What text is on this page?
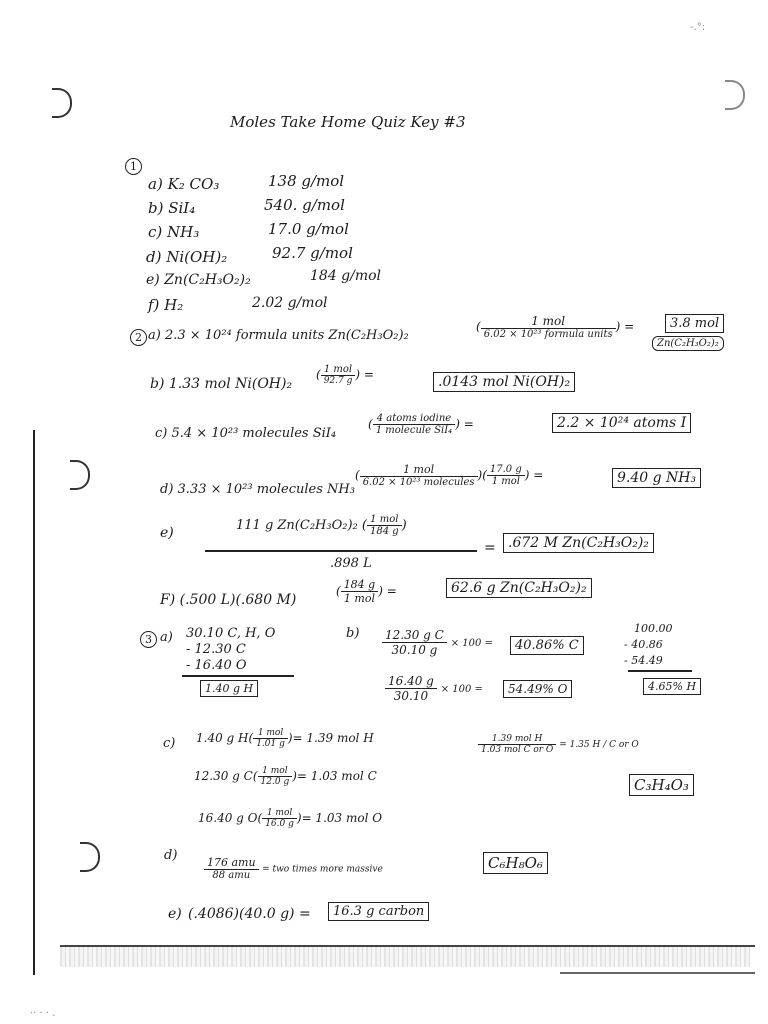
-.°:
·· · · .
Moles Take Home Quiz Key #3
1
a) K₂ CO₃	138 g/mol
b) SiI₄	540. g/mol
c) NH₃	17.0 g/mol
d) Ni(OH)₂	92.7 g/mol
e) Zn(C₂H₃O₂)₂	184 g/mol
f) H₂	2.02 g/mol
2 a) 2.3 × 10²⁴ formula units Zn(C₂H₃O₂)₂
( $\frac{\text{1 mol}}{\text{6.02 × 10²³ formula units}}$ ) =	3.8 mol
Zn(C₂H₃O₂)₂
b) 1.33 mol Ni(OH)₂
( $\frac{\text{1 mol}}{92.7 g}$ ) =	.0143 mol Ni(OH)₂
c) 5.4 × 10²³ molecules SiI₄
( $\frac{\text{4 atoms iodine}}{\text{1 molecule SiI₄}}$ ) =	2.2 × 10²⁴ atoms I
d) 3.33 × 10²³ molecules NH₃
( $\frac{\text{1 mol}}{\text{6.02 × 10²³ molecules}}$ )( $\frac{17.0 g}{\text{1 mol}}$ ) =	9.40 g NH₃
e)	111 g Zn(C₂H₃O₂)₂ ( $\frac{\text{1 mol}}{184 g}$ )
.898 L
= .672 M Zn(C₂H₃O₂)₂
F) (.500 L)(.680 M)
( $\frac{184 g}{\text{1 mol}}$ ) =	62.6 g Zn(C₂H₃O₂)₂
3 a) 30.10 C, H, O
- 12.30 C
- 16.40 O
1.40 g H
$b) \frac{\text{12.30 g C}}{30.10 g} \times 100$ =	40.86% C
$\frac{16.40 g}{30.10} \times 100$ =	54.49% O
100.00
- 40.86
- 54.49
4.65% H
c) 1.40 g $H( \frac{\text{1 mol}}{1.01 g}$ )= 1.39 mol H
12.30 g $C( \frac{\text{1 mol}}{12.0 g}$ )= 1.03 mol C
16.40 g $O( \frac{\text{1 mol}}{16.0 g}$ )= 1.03 mol O
$\frac{\text{1.39 mol H}}{\text{1.03 mol C or O}} = 1.35$ H / C or O
C₃H₄O₃
d)
$\frac{\text{176 amu}}{\text{88 amu}}$ = two times more massive	C₆H₈O₆
e) (.4086)(40.0 g) =	16.3 g carbon
